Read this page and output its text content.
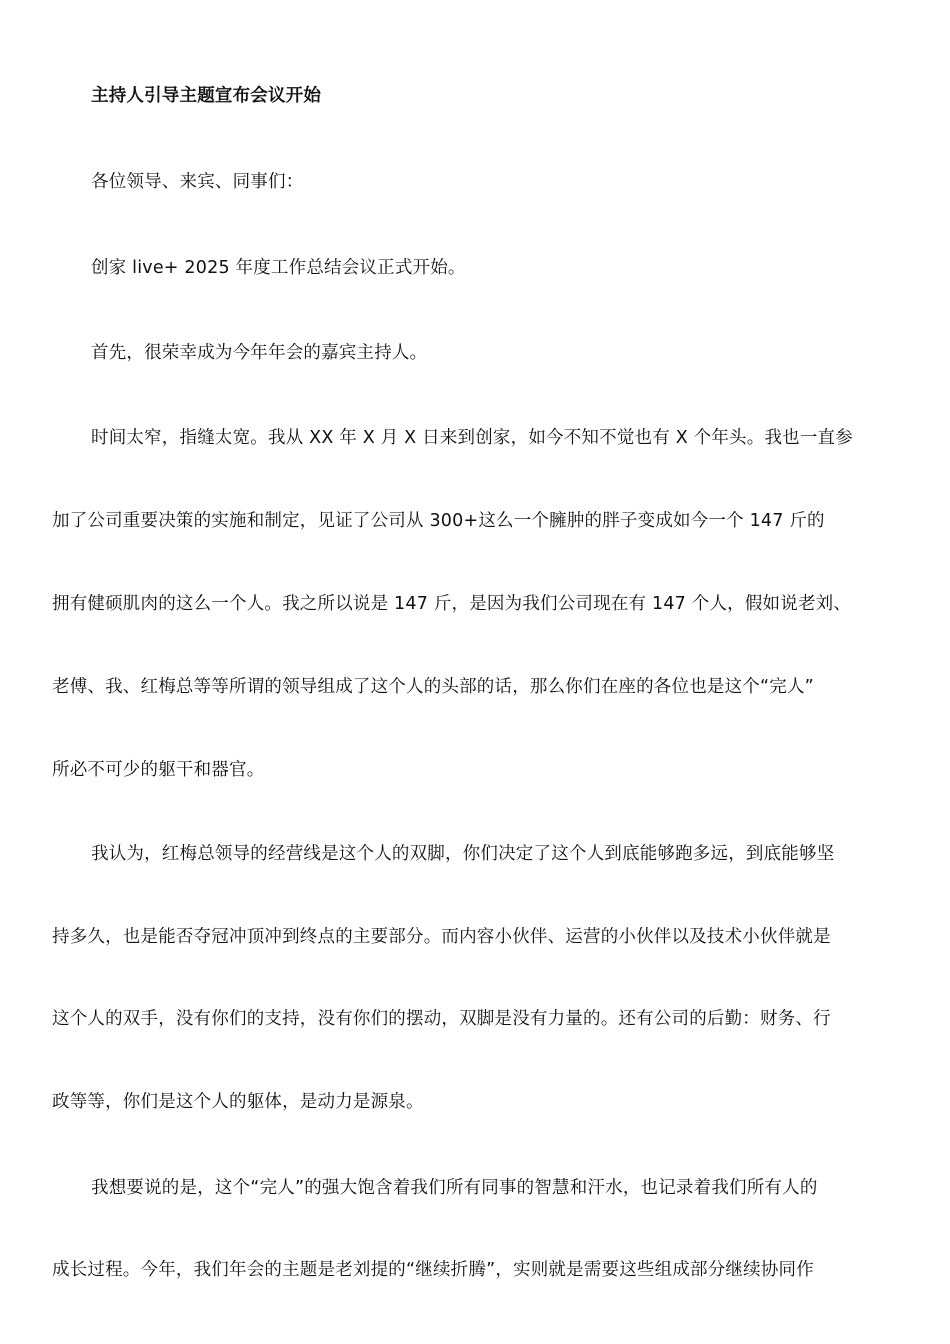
主持人引导主题宣布会议开始
各位领导、来宾、同事们：
创家 live+ 2025 年度工作总结会议正式开始。
首先，很荣幸成为今年年会的嘉宾主持人。
时间太窄，指缝太宽。我从 XX 年 X 月 X 日来到创家，如今不知不觉也有 X 个年头。我也一直参
加了公司重要决策的实施和制定，见证了公司从 300+这么一个臃肿的胖子变成如今一个 147 斤的
拥有健硕肌肉的这么一个人。我之所以说是 147 斤，是因为我们公司现在有 147 个人，假如说老刘、
老傅、我、红梅总等等所谓的领导组成了这个人的头部的话，那么你们在座的各位也是这个“完人”
所必不可少的躯干和器官。
我认为，红梅总领导的经营线是这个人的双脚，你们决定了这个人到底能够跑多远，到底能够坚
持多久，也是能否夺冠冲顶冲到终点的主要部分。而内容小伙伴、运营的小伙伴以及技术小伙伴就是
这个人的双手，没有你们的支持，没有你们的摆动，双脚是没有力量的。还有公司的后勤：财务、行
政等等，你们是这个人的躯体，是动力是源泉。
我想要说的是，这个“完人”的强大饱含着我们所有同事的智慧和汗水，也记录着我们所有人的
成长过程。今年，我们年会的主题是老刘提的“继续折腾”，实则就是需要这些组成部分继续协同作
